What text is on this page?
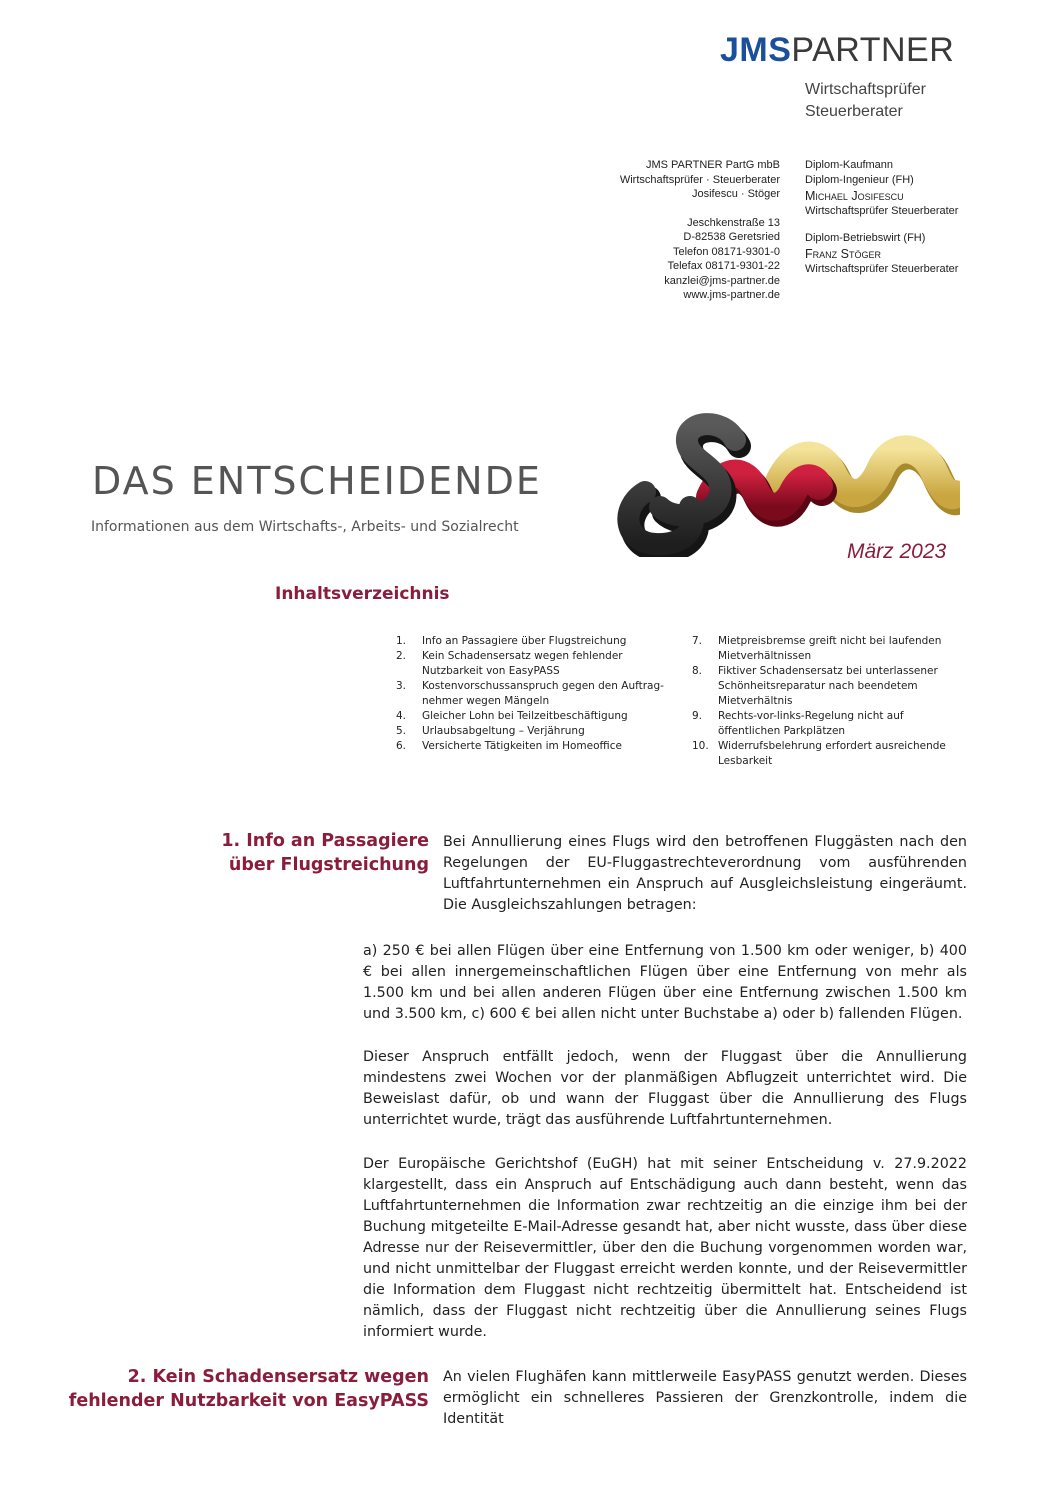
JMSPARTNER
Wirtschaftsprüfer
Steuerberater
JMS PARTNER PartG mbB
Wirtschaftsprüfer · Steuerberater
Josifescu · Stöger
Jeschkenstraße 13
D-82538 Geretsried
Telefon 08171-9301-0
Telefax 08171-9301-22
kanzlei@jms-partner.de
www.jms-partner.de
Diplom-Kaufmann
Diplom-Ingenieur (FH)
Michael Josifescu
Wirtschaftsprüfer Steuerberater
Diplom-Betriebswirt (FH)
Franz Stöger
Wirtschaftsprüfer Steuerberater
DAS ENTSCHEIDENDE
Informationen aus dem Wirtschafts-, Arbeits- und Sozialrecht
März 2023
Inhaltsverzeichnis
1.	Info an Passagiere über Flugstreichung
2.	Kein Schadensersatz wegen fehlender Nutzbarkeit von EasyPASS
3.	Kostenvorschussanspruch gegen den Auftragnehmer wegen Mängeln
4.	Gleicher Lohn bei Teilzeitbeschäftigung
5.	Urlaubsabgeltung – Verjährung
6.	Versicherte Tätigkeiten im Homeoffice
7.	Mietpreisbremse greift nicht bei laufenden Mietverhältnissen
8.	Fiktiver Schadensersatz bei unterlassener Schönheitsreparatur nach beendetem Mietverhältnis
9.	Rechts-vor-links-Regelung nicht auf öffentlichen Parkplätzen
10. Widerrufsbelehrung erfordert ausreichende Lesbarkeit
1. Info an Passagiere
über Flugstreichung

Bei Annullierung eines Flugs wird den betroffenen Fluggästen nach den Regelungen der EU-Fluggastrechteverordnung vom ausführenden Luftfahrtunternehmen ein Anspruch auf Ausgleichsleistung eingeräumt. Die Ausgleichszahlungen betragen:

a) 250 € bei allen Flügen über eine Entfernung von 1.500 km oder weniger, b) 400 € bei allen innergemeinschaftlichen Flügen über eine Entfernung von mehr als 1.500 km und bei allen anderen Flügen über eine Entfernung zwischen 1.500 km und 3.500 km, c) 600 € bei allen nicht unter Buchstabe a) oder b) fallenden Flügen.

Dieser Anspruch entfällt jedoch, wenn der Fluggast über die Annullierung mindestens zwei Wochen vor der planmäßigen Abflugzeit unterrichtet wird. Die Beweislast dafür, ob und wann der Fluggast über die Annullierung des Flugs unterrichtet wurde, trägt das ausführende Luftfahrtunternehmen.

Der Europäische Gerichtshof (EuGH) hat mit seiner Entscheidung v. 27.9.2022 klargestellt, dass ein Anspruch auf Entschädigung auch dann besteht, wenn das Luftfahrtunternehmen die Information zwar rechtzeitig an die einzige ihm bei der Buchung mitgeteilte E-Mail-Adresse gesandt hat, aber nicht wusste, dass über diese Adresse nur der Reisevermittler, über den die Buchung vorgenommen worden war, und nicht unmittelbar der Fluggast erreicht werden konnte, und der Reisevermittler die Information dem Fluggast nicht rechtzeitig übermittelt hat. Entscheidend ist nämlich, dass der Fluggast nicht rechtzeitig über die Annullierung seines Flugs informiert wurde.

2. Kein Schadensersatz wegen
fehlender Nutzbarkeit von EasyPASS

An vielen Flughäfen kann mittlerweile EasyPASS genutzt werden. Dieses ermöglicht ein schnelleres Passieren der Grenzkontrolle, indem die Identität
